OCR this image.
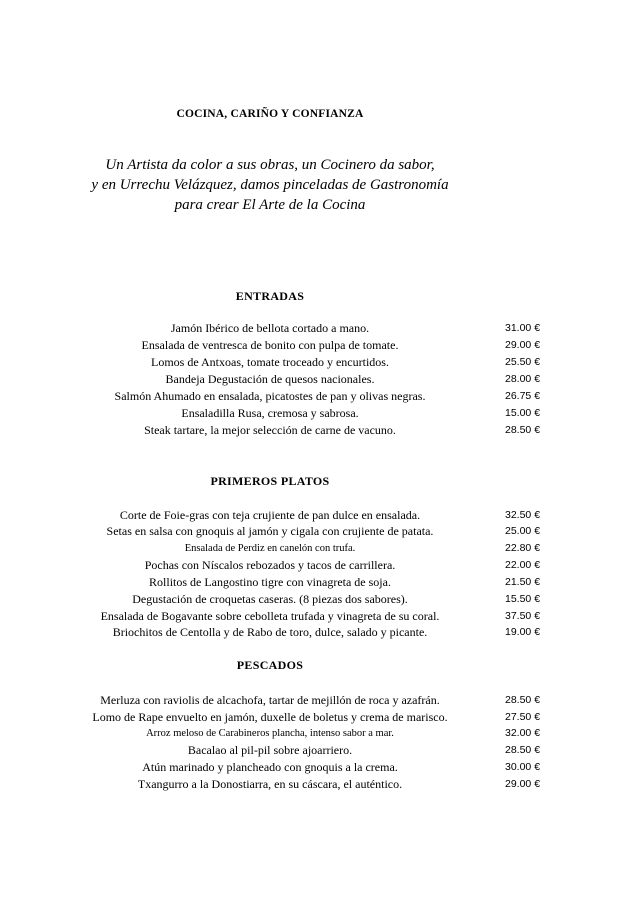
COCINA, CARIÑO Y CONFIANZA
Un Artista da color a sus obras, un Cocinero da sabor,
y en Urrechu Velázquez, damos pinceladas de Gastronomía
para crear El Arte de la Cocina
ENTRADAS
Jamón Ibérico de bellota cortado a mano.	31.00 €
Ensalada de ventresca de bonito con pulpa de tomate.	29.00 €
Lomos de Antxoas, tomate troceado y encurtidos.	25.50 €
Bandeja Degustación de quesos nacionales.	28.00 €
Salmón Ahumado en ensalada, picatostes de pan y olivas negras.	26.75 €
Ensaladilla Rusa, cremosa y sabrosa.	15.00 €
Steak tartare, la mejor selección de carne de vacuno.	28.50 €
PRIMEROS PLATOS
Corte de Foie-gras con teja crujiente de pan dulce en ensalada.	32.50 €
Setas en salsa con gnoquis al jamón y cigala con crujiente de patata.	25.00 €
Ensalada de Perdiz en canelón con trufa.	22.80 €
Pochas con Níscalos rebozados y tacos de carrillera.	22.00 €
Rollitos de Langostino tigre con vinagreta de soja.	21.50 €
Degustación de croquetas caseras. (8 piezas dos sabores).	15.50 €
Ensalada de Bogavante sobre cebolleta trufada y vinagreta de su coral.	37.50 €
Briochitos de Centolla y de Rabo de toro, dulce, salado y picante.	19.00 €
PESCADOS
Merluza con raviolis de alcachofa, tartar de mejillón de roca y azafrán.	28.50 €
Lomo de Rape envuelto en jamón, duxelle de boletus y crema de marisco.	27.50 €
Arroz meloso de Carabineros plancha, intenso sabor a mar.	32.00 €
Bacalao al pil-pil sobre ajoarriero.	28.50 €
Atún marinado y plancheado con gnoquis a la crema.	30.00 €
Txangurro a la Donostiarra, en su cáscara, el auténtico.	29.00 €
